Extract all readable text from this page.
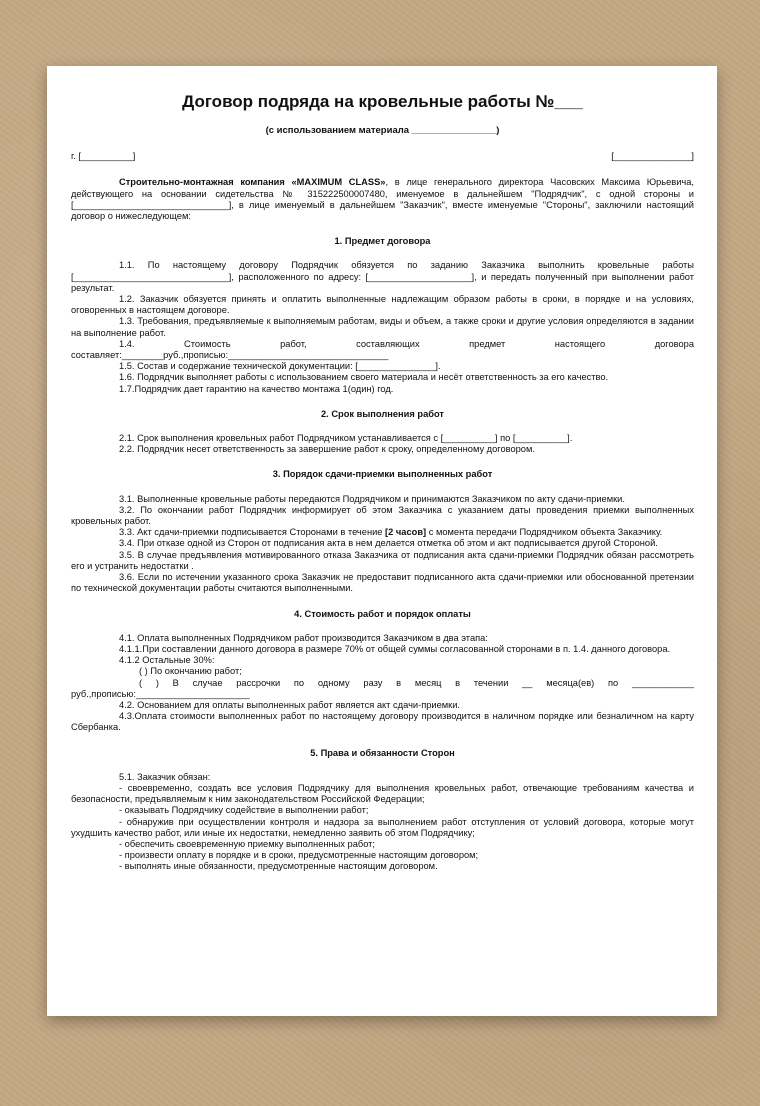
Договор подряда на кровельные работы №___
(с использованием материала ________________)
г. [__________]	[_______________]

Строительно-монтажная компания «MAXIMUM CLASS», в лице генерального директора Часовских Максима Юрьевича, действующего на основании сидетельства № 315222500007480, именуемое в дальнейшем "Подрядчик", с одной стороны и [______________________________], в лице именуемый в дальнейшем "Заказчик", вместе именуемые "Стороны", заключили настоящий договор о нижеследующем:

1. Предмет договора

1.1. По настоящему договору Подрядчик обязуется по заданию Заказчика выполнить кровельные работы [______________________________], расположенного по адресу: [____________________], и передать полученный при выполнении работ результат.

1.2. Заказчик обязуется принять и оплатить выполненные надлежащим образом работы в сроки, в порядке и на условиях, оговоренных в настоящем договоре.

1.3. Требования, предъявляемые к выполняемым работам, виды и объем, а также сроки и другие условия определяются в задании на выполнение работ.

1.4. Стоимость работ, составляющих предмет настоящего договора

составляет:________руб.,прописью:_______________________________

1.5. Состав и содержание технической документации: [_______________].

1.6. Подрядчик выполняет работы с использованием своего материала и несёт ответственность за его качество.

1.7.Подрядчик дает гарантию на качество монтажа 1(один) год.

2. Срок выполнения работ

2.1. Срок выполнения кровельных работ Подрядчиком устанавливается с [__________] по [__________].

2.2. Подрядчик несет ответственность за завершение работ к сроку, определенному договором.

3. Порядок сдачи-приемки выполненных работ

3.1. Выполненные кровельные работы передаются Подрядчиком и принимаются Заказчиком по акту сдачи-приемки.

3.2. По окончании работ Подрядчик информирует об этом Заказчика с указанием даты проведения приемки выполненных кровельных работ.

3.3. Акт сдачи-приемки подписывается Сторонами в течение [2 часов] с момента передачи Подрядчиком объекта Заказчику.

3.4. При отказе одной из Сторон от подписания акта в нем делается отметка об этом и акт подписывается другой Стороной.

3.5. В случае предъявления мотивированного отказа Заказчика от подписания акта сдачи-приемки Подрядчик обязан рассмотреть его и устранить недостатки .

3.6. Если по истечении указанного срока Заказчик не предоставит подписанного акта сдачи-приемки или обоснованной претензии по технической документации работы считаются выполненными.

4. Стоимость работ и порядок оплаты

4.1. Оплата выполненных Подрядчиком работ производится Заказчиком в два этапа:

4.1.1.При составлении данного договора в размере 70% от общей суммы согласованной сторонами в п. 1.4. данного договора.

4.1.2 Остальные 30%:

( ) По окончанию работ;

( ) В случае рассрочки по одному разу в месяц в течении __ месяца(ев) по ____________

руб.,прописью:______________________

4.2. Основанием для оплаты выполненных работ является акт сдачи-приемки.

4.3.Оплата стоимости выполненных работ по настоящему договору производится в наличном порядке или безналичном на карту Сбербанка.

5. Права и обязанности Сторон

5.1. Заказчик обязан:

- своевременно, создать все условия Подрядчику для выполнения кровельных работ, отвечающие требованиям качества и безопасности, предъявляемым к ним законодательством Российской Федерации;

- оказывать Подрядчику содействие в выполнении работ;

- обнаружив при осуществлении контроля и надзора за выполнением работ отступления от условий договора, которые могут ухудшить качество работ, или иные их недостатки, немедленно заявить об этом Подрядчику;

- обеспечить своевременную приемку выполненных работ;

- произвести оплату в порядке и в сроки, предусмотренные настоящим договором;

- выполнять иные обязанности, предусмотренные настоящим договором.
